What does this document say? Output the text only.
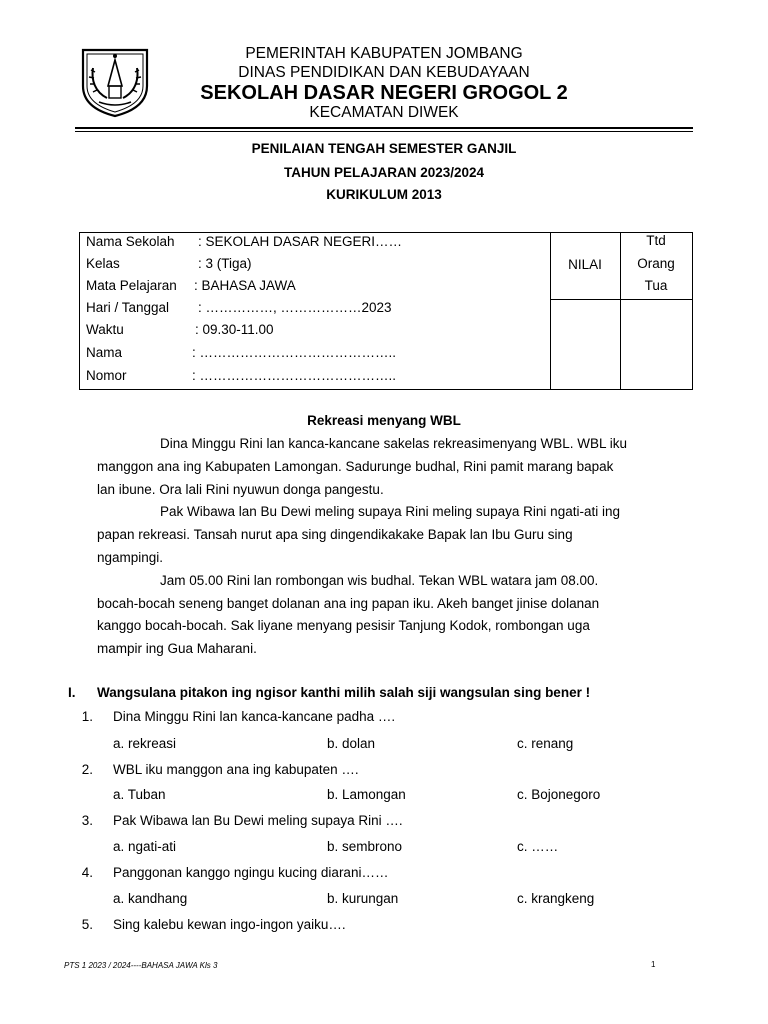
PEMERINTAH KABUPATEN JOMBANG
DINAS PENDIDIKAN DAN KEBUDAYAAN
SEKOLAH DASAR NEGERI GROGOL 2
KECAMATAN DIWEK
PENILAIAN TENGAH SEMESTER GANJIL
TAHUN PELAJARAN 2023/2024
KURIKULUM 2013
Nama Sekolah : SEKOLAH DASAR NEGERI……
Kelas	: 3 (Tiga)
Mata Pelajaran : BAHASA JAWA
Hari / Tanggal : ……………, ………………2023
Waktu	: 09.30-11.00
Nama	: ……………………………………..
Nomor	: ……………………………………..
NILAI
Ttd
Orang
Tua
Rekreasi menyang WBL
Dina Minggu Rini lan kanca-kancane sakelas rekreasimenyang WBL. WBL iku
manggon ana ing Kabupaten Lamongan. Sadurunge budhal, Rini pamit marang bapak
lan ibune. Ora lali Rini nyuwun donga pangestu.
Pak Wibawa lan Bu Dewi meling supaya Rini meling supaya Rini ngati-ati ing
papan rekreasi. Tansah nurut apa sing dingendikakake Bapak lan Ibu Guru sing
ngampingi.
Jam 05.00 Rini lan rombongan wis budhal. Tekan WBL watara jam 08.00.
bocah-bocah seneng banget dolanan ana ing papan iku. Akeh banget jinise dolanan
kanggo bocah-bocah. Sak liyane menyang pesisir Tanjung Kodok, rombongan uga
mampir ing Gua Maharani.
I. Wangsulana pitakon ing ngisor kanthi milih salah siji wangsulan sing bener !
1. Dina Minggu Rini lan kanca-kancane padha ….
a. rekreasi	b. dolan	c. renang
2. WBL iku manggon ana ing kabupaten ….
a. Tuban	b. Lamongan	c. Bojonegoro
3. Pak Wibawa lan Bu Dewi meling supaya Rini ….
a. ngati-ati	b. sembrono	c. ……
4. Panggonan kanggo ngingu kucing diarani……
a. kandhang	b. kurungan	c. krangkeng
5. Sing kalebu kewan ingo-ingon yaiku….
PTS 1 2023 / 2024----BAHASA JAWA Kls 3	1
